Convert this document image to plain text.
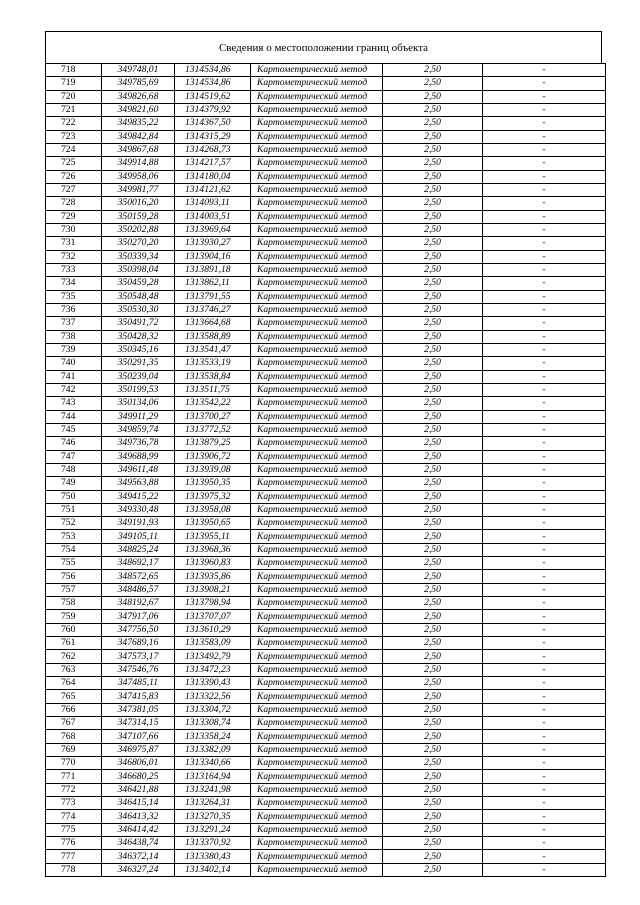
Сведения о местоположении границ объекта
718	349748,01	1314534,86	Картометрический метод	2,50	-
719	349785,69	1314534,86	Картометрический метод	2,50	-
720	349826,68	1314519,62	Картометрический метод	2,50	-
721	349821,60	1314379,92	Картометрический метод	2,50	-
722	349835,22	1314367,50	Картометрический метод	2,50	-
723	349842,84	1314315,29	Картометрический метод	2,50	-
724	349867,68	1314268,73	Картометрический метод	2,50	-
725	349914,88	1314217,57	Картометрический метод	2,50	-
726	349958,06	1314180,04	Картометрический метод	2,50	-
727	349981,77	1314121,62	Картометрический метод	2,50	-
728	350016,20	1314093,11	Картометрический метод	2,50	-
729	350159,28	1314003,51	Картометрический метод	2,50	-
730	350202,88	1313969,64	Картометрический метод	2,50	-
731	350270,20	1313930,27	Картометрический метод	2,50	-
732	350339,34	1313904,16	Картометрический метод	2,50	-
733	350398,04	1313891,18	Картометрический метод	2,50	-
734	350459,28	1313862,11	Картометрический метод	2,50	-
735	350548,48	1313791,55	Картометрический метод	2,50	-
736	350530,30	1313746,27	Картометрический метод	2,50	-
737	350491,72	1313664,68	Картометрический метод	2,50	-
738	350428,32	1313588,89	Картометрический метод	2,50	-
739	350345,16	1313541,47	Картометрический метод	2,50	-
740	350291,35	1313533,19	Картометрический метод	2,50	-
741	350239,04	1313538,84	Картометрический метод	2,50	-
742	350199,53	1313511,75	Картометрический метод	2,50	-
743	350134,06	1313542,22	Картометрический метод	2,50	-
744	349911,29	1313700,27	Картометрический метод	2,50	-
745	349859,74	1313772,52	Картометрический метод	2,50	-
746	349736,78	1313879,25	Картометрический метод	2,50	-
747	349688,99	1313906,72	Картометрический метод	2,50	-
748	349611,48	1313939,08	Картометрический метод	2,50	-
749	349563,88	1313950,35	Картометрический метод	2,50	-
750	349415,22	1313975,32	Картометрический метод	2,50	-
751	349330,48	1313958,08	Картометрический метод	2,50	-
752	349191,93	1313950,65	Картометрический метод	2,50	-
753	349105,11	1313955,11	Картометрический метод	2,50	-
754	348825,24	1313968,36	Картометрический метод	2,50	-
755	348692,17	1313960,83	Картометрический метод	2,50	-
756	348572,65	1313935,86	Картометрический метод	2,50	-
757	348486,57	1313908,21	Картометрический метод	2,50	-
758	348192,67	1313798,94	Картометрический метод	2,50	-
759	347917,06	1313707,07	Картометрический метод	2,50	-
760	347756,50	1313610,29	Картометрический метод	2,50	-
761	347689,16	1313583,09	Картометрический метод	2,50	-
762	347573,17	1313492,79	Картометрический метод	2,50	-
763	347546,76	1313472,23	Картометрический метод	2,50	-
764	347485,11	1313390,43	Картометрический метод	2,50	-
765	347415,83	1313322,56	Картометрический метод	2,50	-
766	347381,05	1313304,72	Картометрический метод	2,50	-
767	347314,15	1313308,74	Картометрический метод	2,50	-
768	347107,66	1313358,24	Картометрический метод	2,50	-
769	346975,87	1313382,09	Картометрический метод	2,50	-
770	346806,01	1313340,66	Картометрический метод	2,50	-
771	346680,25	1313164,94	Картометрический метод	2,50	-
772	346421,88	1313241,98	Картометрический метод	2,50	-
773	346415,14	1313264,31	Картометрический метод	2,50	-
774	346413,32	1313270,35	Картометрический метод	2,50	-
775	346414,42	1313291,24	Картометрический метод	2,50	-
776	346438,74	1313370,92	Картометрический метод	2,50	-
777	346372,14	1313380,43	Картометрический метод	2,50	-
778	346327,24	1313402,14	Картометрический метод	2,50	-
